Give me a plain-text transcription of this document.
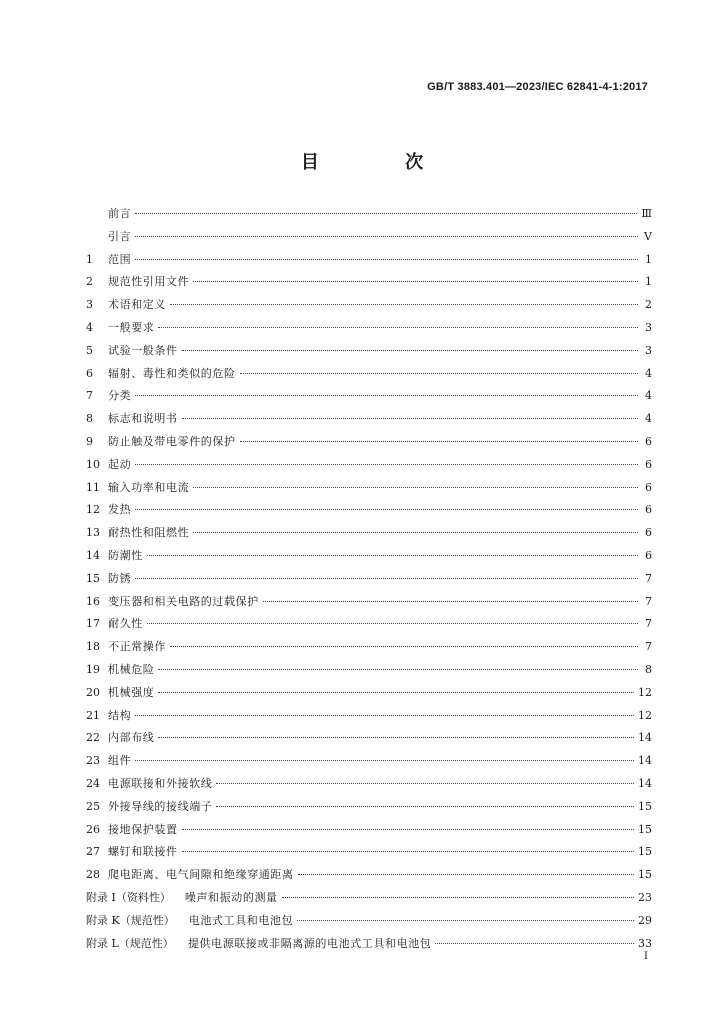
GB/T 3883.401—2023/IEC 62841-4-1:2017
目 次
前言	Ⅲ
引言	Ⅴ
1	范围	1
2	规范性引用文件	1
3	术语和定义	2
4	一般要求	3
5	试验一般条件	3
6	辐射、毒性和类似的危险	4
7	分类	4
8	标志和说明书	4
9	防止触及带电零件的保护	6
10 起动	6
11 输入功率和电流	6
12 发热	6
13 耐热性和阻燃性	6
14 防潮性	6
15 防锈	7
16 变压器和相关电路的过载保护	7
17 耐久性	7
18 不正常操作	7
19 机械危险	8
20 机械强度	12
21 结构	12
22 内部布线	14
23 组件	14
24 电源联接和外接软线	14
25 外接导线的接线端子	15
26 接地保护装置	15
27 螺钉和联接件	15
28 爬电距离、电气间隙和绝缘穿通距离	15
附录 I（资料性） 噪声和振动的测量	23
附录 K（规范性） 电池式工具和电池包	29
附录 L（规范性） 提供电源联接或非隔离源的电池式工具和电池包	33
I
